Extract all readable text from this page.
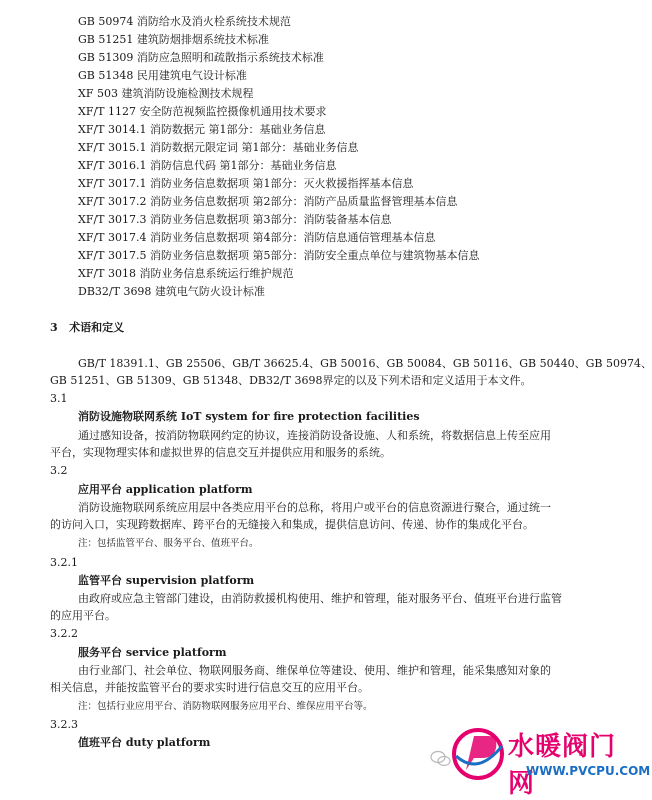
GB 50974 消防给水及消火栓系统技术规范
GB 51251 建筑防烟排烟系统技术标准
GB 51309 消防应急照明和疏散指示系统技术标准
GB 51348 民用建筑电气设计标准
XF 503 建筑消防设施检测技术规程
XF/T 1127 安全防范视频监控摄像机通用技术要求
XF/T 3014.1 消防数据元 第1部分：基础业务信息
XF/T 3015.1 消防数据元限定词 第1部分：基础业务信息
XF/T 3016.1 消防信息代码 第1部分：基础业务信息
XF/T 3017.1 消防业务信息数据项 第1部分：灭火救援指挥基本信息
XF/T 3017.2 消防业务信息数据项 第2部分：消防产品质量监督管理基本信息
XF/T 3017.3 消防业务信息数据项 第3部分：消防装备基本信息
XF/T 3017.4 消防业务信息数据项 第4部分：消防信息通信管理基本信息
XF/T 3017.5 消防业务信息数据项 第5部分：消防安全重点单位与建筑物基本信息
XF/T 3018 消防业务信息系统运行维护规范
DB32/T 3698 建筑电气防火设计标准
3 术语和定义
GB/T 18391.1、GB 25506、GB/T 36625.4、GB 50016、GB 50084、GB 50116、GB 50440、GB 50974、
GB 51251、GB 51309、GB 51348、DB32/T 3698界定的以及下列术语和定义适用于本文件。
3.1
消防设施物联网系统 IoT system for fire protection facilities
通过感知设备，按消防物联网约定的协议，连接消防设备设施、人和系统，将数据信息上传至应用
平台，实现物理实体和虚拟世界的信息交互并提供应用和服务的系统。
3.2
应用平台 application platform
消防设施物联网系统应用层中各类应用平台的总称，将用户或平台的信息资源进行聚合，通过统一
的访问入口，实现跨数据库、跨平台的无缝接入和集成，提供信息访问、传递、协作的集成化平台。
注：包括监管平台、服务平台、值班平台。
3.2.1
监管平台 supervision platform
由政府或应急主管部门建设，由消防救援机构使用、维护和管理，能对服务平台、值班平台进行监管
的应用平台。
3.2.2
服务平台 service platform
由行业部门、社会单位、物联网服务商、维保单位等建设、使用、维护和管理，能采集感知对象的
相关信息，并能按监管平台的要求实时进行信息交互的应用平台。
注：包括行业应用平台、消防物联网服务应用平台、维保应用平台等。
3.2.3
值班平台 duty platform	水暖阀门网
WWW.PVCPU.COM
